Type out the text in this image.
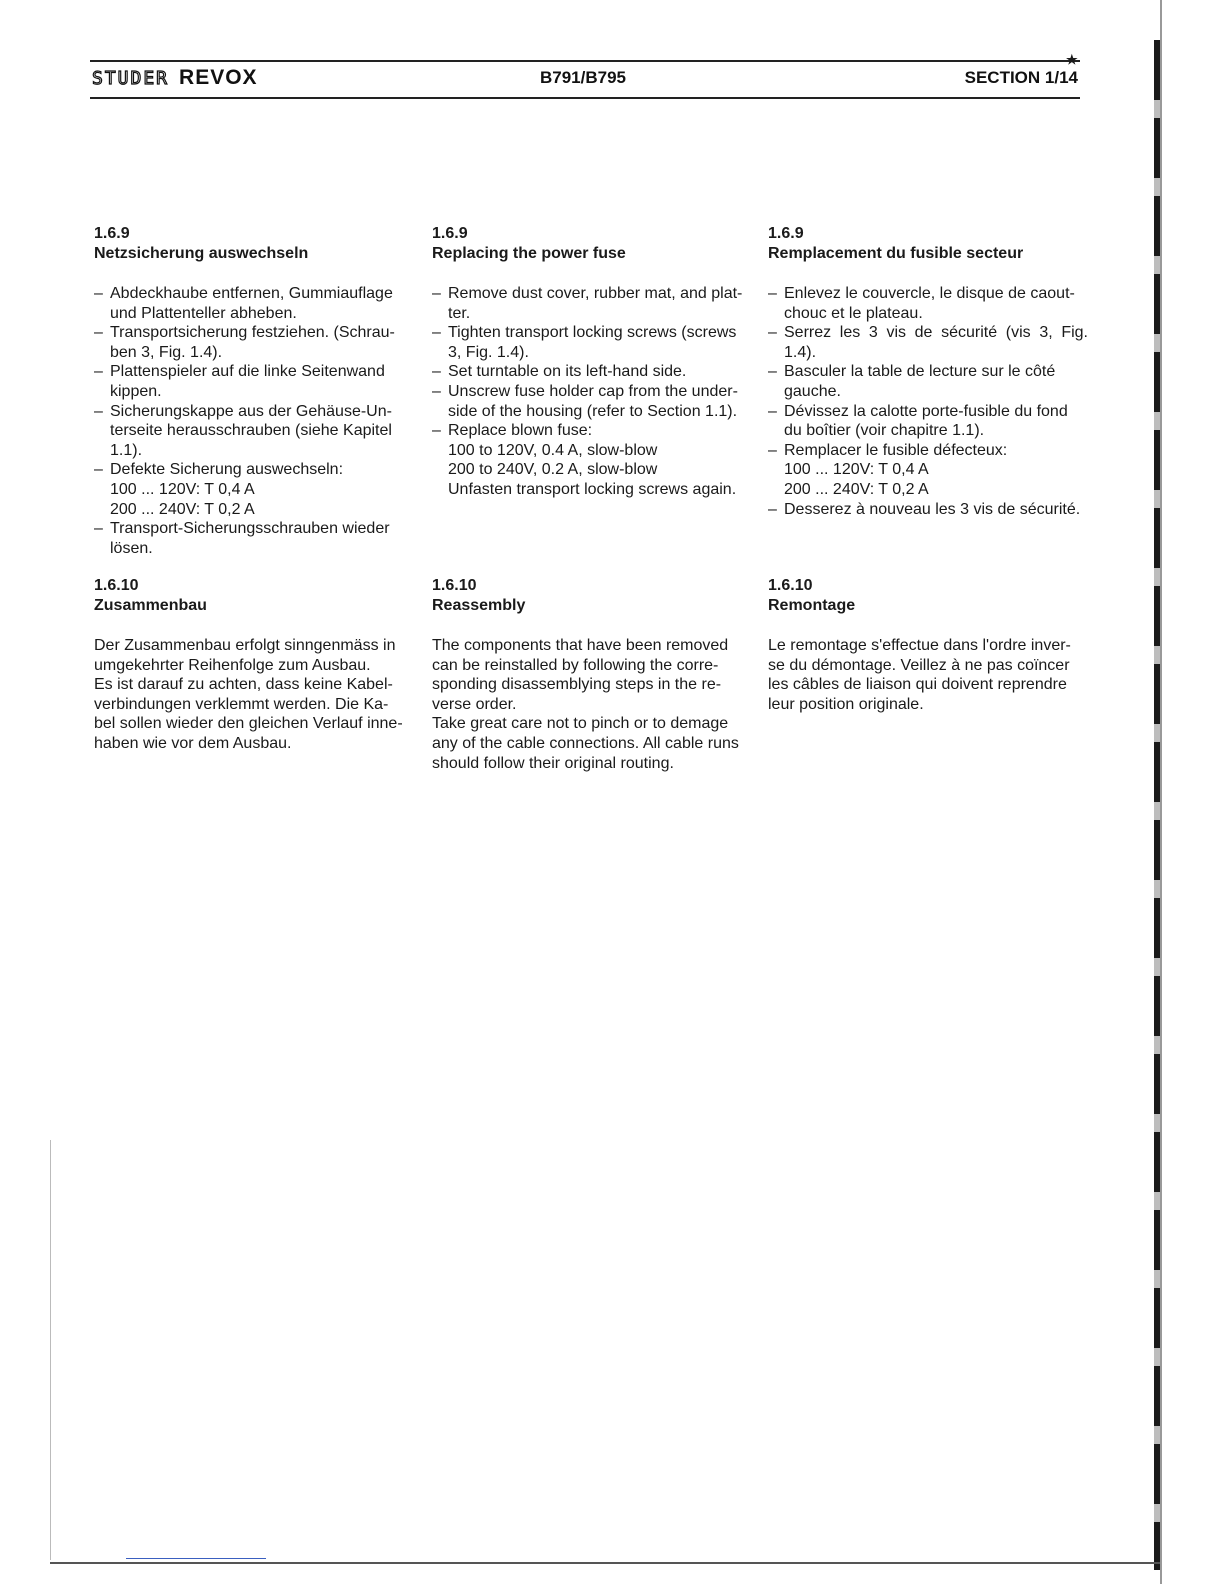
STUDER REVOX	B791/B795	SECTION 1/14
★
1.6.9
Netzsicherung auswechseln
– Abdeckhaube entfernen, Gummiauflage
und Plattenteller abheben.
– Transportsicherung festziehen. (Schrau-
ben 3, Fig. 1.4).
– Plattenspieler auf die linke Seitenwand
kippen.
– Sicherungskappe aus der Gehäuse-Un-
terseite herausschrauben (siehe Kapitel
1.1).
– Defekte Sicherung auswechseln:
100 ... 120V: T 0,4 A
200 ... 240V: T 0,2 A
– Transport-Sicherungsschrauben wieder
lösen.
1.6.9
Replacing the power fuse
– Remove dust cover, rubber mat, and plat-
ter.
– Tighten transport locking screws (screws
3, Fig. 1.4).
– Set turntable on its left-hand side.
– Unscrew fuse holder cap from the under-
side of the housing (refer to Section 1.1).
– Replace blown fuse:
100 to 120V, 0.4 A, slow-blow
200 to 240V, 0.2 A, slow-blow
Unfasten transport locking screws again.
1.6.9
Remplacement du fusible secteur
– Enlevez le couvercle, le disque de caout-
chouc et le plateau.
– Serrez les 3 vis de sécurité (vis 3, Fig. 1.4).
– Basculer la table de lecture sur le côté
gauche.
– Dévissez la calotte porte-fusible du fond
du boîtier (voir chapitre 1.1).
– Remplacer le fusible défecteux:
100 ... 120V: T 0,4 A
200 ... 240V: T 0,2 A
– Desserez à nouveau les 3 vis de sécurité.
1.6.10
Zusammenbau
Der Zusammenbau erfolgt sinngenmäss in
umgekehrter Reihenfolge zum Ausbau.
Es ist darauf zu achten, dass keine Kabel-
verbindungen verklemmt werden. Die Ka-
bel sollen wieder den gleichen Verlauf inne-
haben wie vor dem Ausbau.
1.6.10
Reassembly
The components that have been removed
can be reinstalled by following the corre-
sponding disassemblying steps in the re-
verse order.
Take great care not to pinch or to demage
any of the cable connections. All cable runs
should follow their original routing.
1.6.10
Remontage
Le remontage s'effectue dans l'ordre inver-
se du démontage. Veillez à ne pas coïncer
les câbles de liaison qui doivent reprendre
leur position originale.
